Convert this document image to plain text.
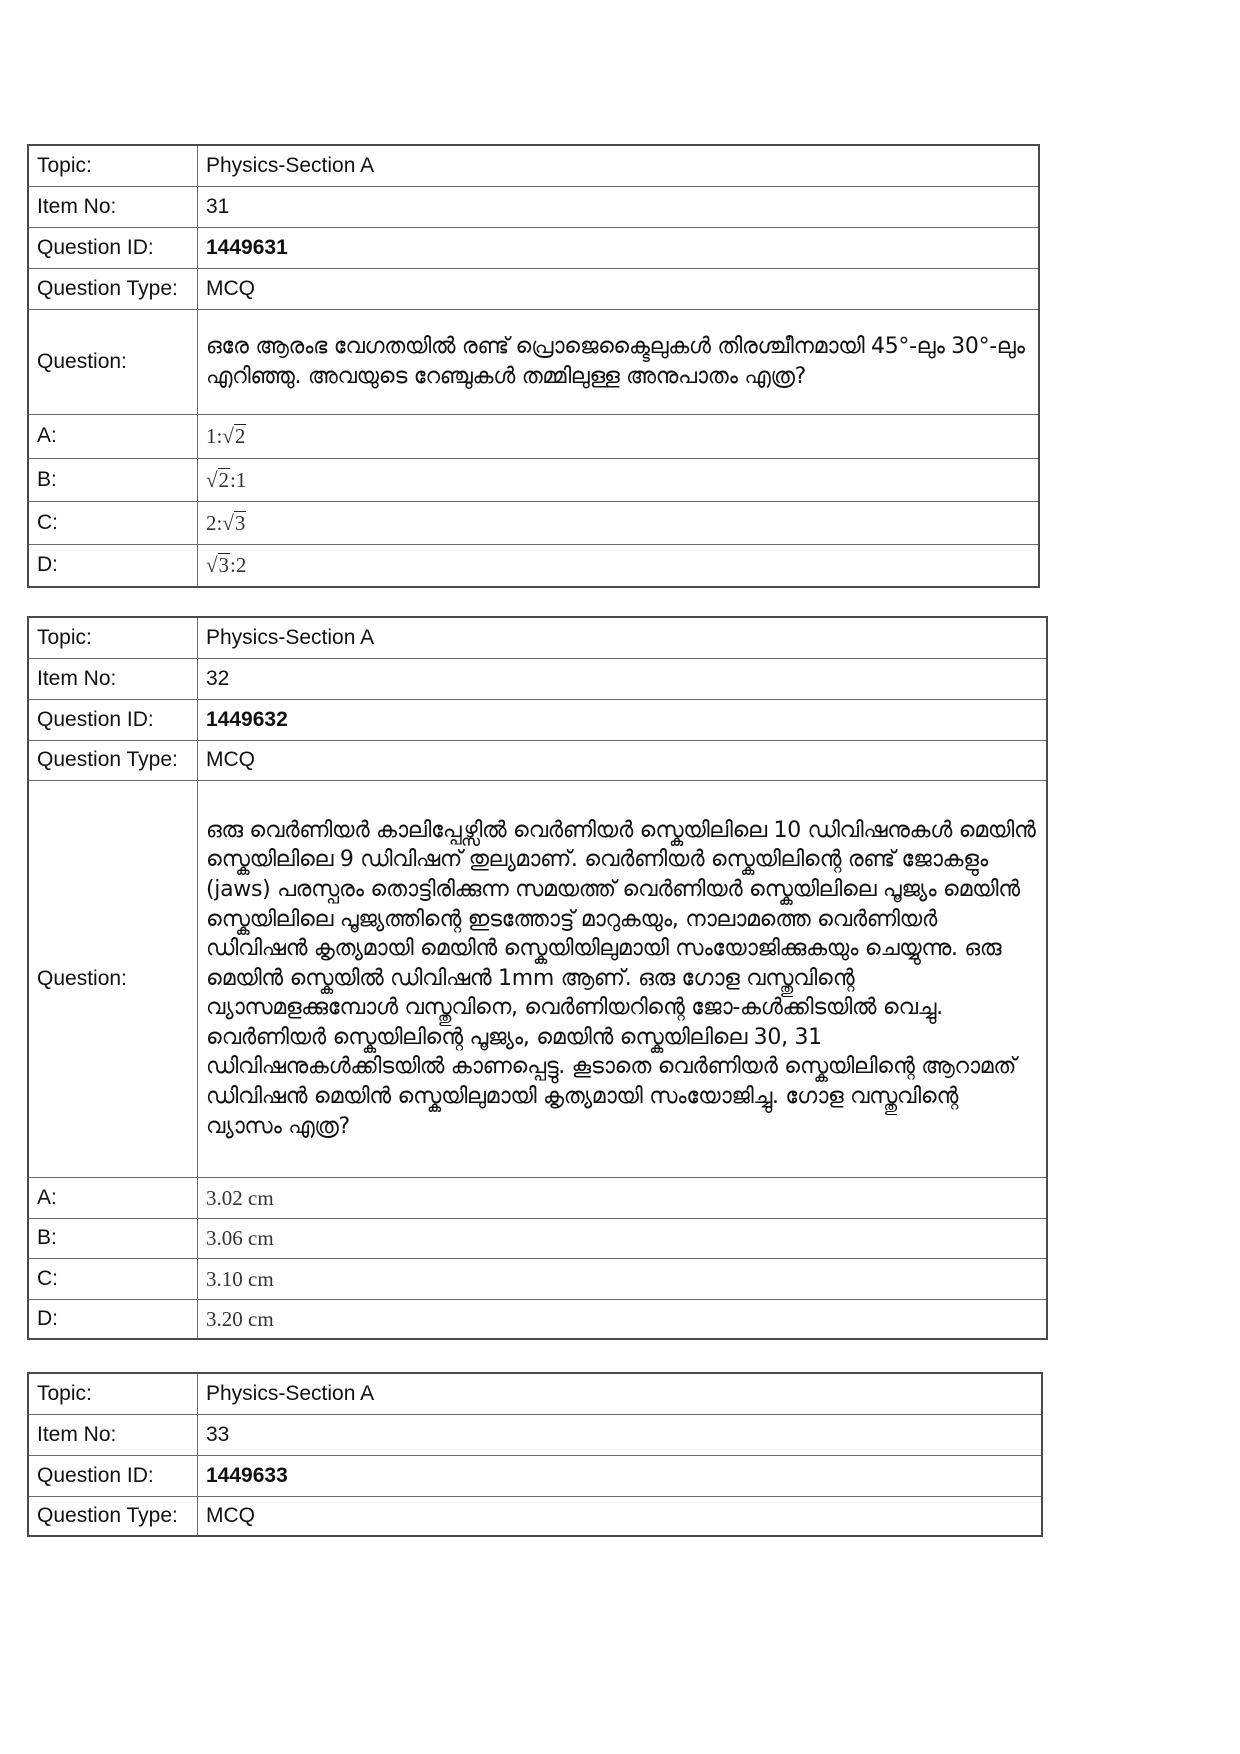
Topic:	Physics-Section A
Item No:	31
Question ID:	1449631
Question Type:	MCQ
Question:	ഒരേ ആരംഭ വേഗതയിൽ രണ്ട് പ്രൊജെക്ടൈലുകൾ തിരശ്ചീനമായി 45°-ലും 30°-ലും എറിഞ്ഞു. അവയുടെ റേഞ്ചുകൾ തമ്മിലുള്ള അനുപാതം എത്ര?
A:	1:√2
B:	√2:1
C:	2:√3
D:	√3:2
Topic:	Physics-Section A
Item No:	32
Question ID:	1449632
Question Type:	MCQ
Question:	ഒരു വെർണിയർ കാലിപ്പേഴ്സിൽ വെർണിയർ സ്കെയിലിലെ 10 ഡിവിഷനുകൾ മെയിൻ സ്കെയിലിലെ 9 ഡിവിഷന് തുല്യമാണ്. വെർണിയർ സ്കെയിലിന്റെ രണ്ട് ജോകളും (jaws) പരസ്പരം തൊട്ടിരിക്കുന്ന സമയത്ത് വെർണിയർ സ്കെയിലിലെ പൂജ്യം മെയിൻ സ്കെയിലിലെ പൂജ്യത്തിന്റെ ഇടത്തോട്ട് മാറുകയും, നാലാമത്തെ വെർണിയർ ഡിവിഷൻ കൃത്യമായി മെയിൻ സ്കെയിയിലുമായി സംയോജിക്കുകയും ചെയ്യുന്നു. ഒരു മെയിൻ സ്കെയിൽ ഡിവിഷൻ 1mm ആണ്. ഒരു ഗോള വസ്തുവിന്റെ വ്യാസമളക്കുമ്പോൾ വസ്തുവിനെ, വെർണിയറിന്റെ ജോ-കൾക്കിടയിൽ വെച്ചു. വെർണിയർ സ്കെയിലിന്റെ പൂജ്യം, മെയിൻ സ്കെയിലിലെ 30, 31 ഡിവിഷനുകൾക്കിടയിൽ കാണപ്പെട്ടു. കൂടാതെ വെർണിയർ സ്കെയിലിന്റെ ആറാമത് ഡിവിഷൻ മെയിൻ സ്കെയിലുമായി കൃത്യമായി സംയോജിച്ചു. ഗോള വസ്തുവിന്റെ വ്യാസം എത്ര?
A:	3.02 cm
B:	3.06 cm
C:	3.10 cm
D:	3.20 cm
Topic:	Physics-Section A
Item No:	33
Question ID:	1449633
Question Type:	MCQ
